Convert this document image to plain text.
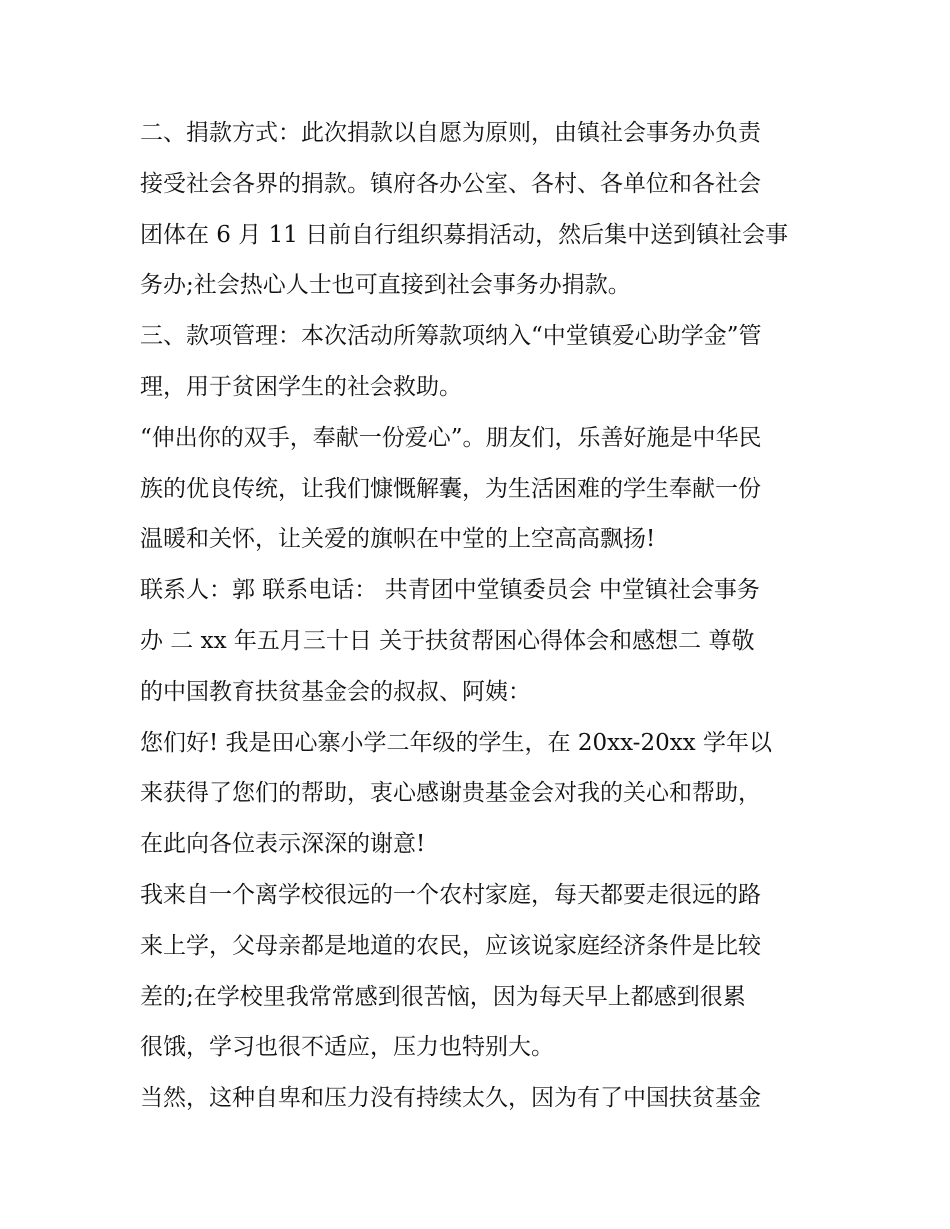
二、捐款方式：此次捐款以自愿为原则，由镇社会事务办负责
接受社会各界的捐款。镇府各办公室、各村、各单位和各社会
团体在 6 月 11 日前自行组织募捐活动，然后集中送到镇社会事
务办;社会热心人士也可直接到社会事务办捐款。
三、款项管理：本次活动所筹款项纳入“中堂镇爱心助学金”管
理，用于贫困学生的社会救助。
“伸出你的双手，奉献一份爱心”。朋友们，乐善好施是中华民
族的优良传统，让我们慷慨解囊，为生活困难的学生奉献一份
温暖和关怀，让关爱的旗帜在中堂的上空高高飘扬!
联系人：郭 联系电话： 共青团中堂镇委员会 中堂镇社会事务
办 二 xx 年五月三十日 关于扶贫帮困心得体会和感想二 尊敬
的中国教育扶贫基金会的叔叔、阿姨：
您们好! 我是田心寨小学二年级的学生，在 20xx-20xx 学年以
来获得了您们的帮助，衷心感谢贵基金会对我的关心和帮助，
在此向各位表示深深的谢意!
我来自一个离学校很远的一个农村家庭，每天都要走很远的路
来上学，父母亲都是地道的农民，应该说家庭经济条件是比较
差的;在学校里我常常感到很苦恼，因为每天早上都感到很累
很饿，学习也很不适应，压力也特别大。
当然，这种自卑和压力没有持续太久，因为有了中国扶贫基金
